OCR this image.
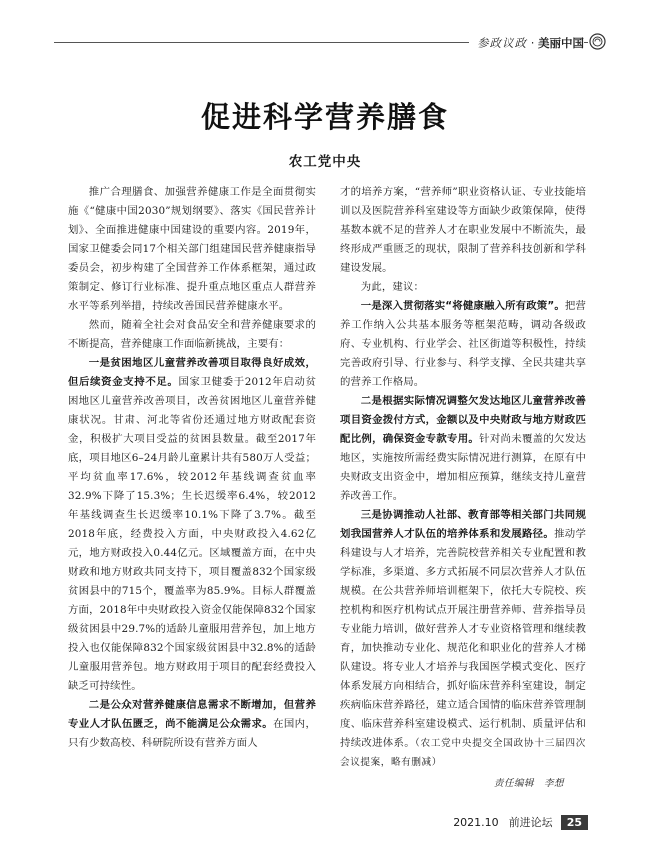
参政议政 · 美丽中国
促进科学营养膳食
农工党中央

推广合理膳食、加强营养健康工作是全面贯彻实施《“健康中国2030”规划纲要》、落实《国民营养计划》、全面推进健康中国建设的重要内容。2019年，国家卫健委会同17个相关部门组建国民营养健康指导委员会，初步构建了全国营养工作体系框架，通过政策制定、修订行业标准、提升重点地区重点人群营养水平等系列举措，持续改善国民营养健康水平。

然而，随着全社会对食品安全和营养健康要求的不断提高，营养健康工作面临新挑战，主要有：

一是贫困地区儿童营养改善项目取得良好成效，但后续资金支持不足。国家卫健委于2012年启动贫困地区儿童营养改善项目，改善贫困地区儿童营养健康状况。甘肃、河北等省份还通过地方财政配套资金，积极扩大项目受益的贫困县数量。截至2017年底，项目地区6–24月龄儿童累计共有580万人受益；平均贫血率17.6%，较2012年基线调查贫血率32.9%下降了15.3%；生长迟缓率6.4%，较2012年基线调查生长迟缓率10.1%下降了3.7%。截至2018年底，经费投入方面，中央财政投入4.62亿元，地方财政投入0.44亿元。区域覆盖方面，在中央财政和地方财政共同支持下，项目覆盖832个国家级贫困县中的715个，覆盖率为85.9%。目标人群覆盖方面，2018年中央财政投入资金仅能保障832个国家级贫困县中29.7%的适龄儿童服用营养包，加上地方投入也仅能保障832个国家级贫困县中32.8%的适龄儿童服用营养包。地方财政用于项目的配套经费投入缺乏可持续性。

二是公众对营养健康信息需求不断增加，但营养专业人才队伍匮乏，尚不能满足公众需求。在国内，只有少数高校、科研院所设有营养方面人

才的培养方案，“营养师”职业资格认证、专业技能培训以及医院营养科室建设等方面缺少政策保障，使得基数本就不足的营养人才在职业发展中不断流失，最终形成严重匮乏的现状，限制了营养科技创新和学科建设发展。

为此，建议：

一是深入贯彻落实“将健康融入所有政策”。把营养工作纳入公共基本服务等框架范畴，调动各级政府、专业机构、行业学会、社区街道等积极性，持续完善政府引导、行业参与、科学支撑、全民共建共享的营养工作格局。

二是根据实际情况调整欠发达地区儿童营养改善项目资金拨付方式，金额以及中央财政与地方财政匹配比例，确保资金专款专用。针对尚未覆盖的欠发达地区，实施按所需经费实际情况进行测算，在原有中央财政支出资金中，增加相应预算，继续支持儿童营养改善工作。

三是协调推动人社部、教育部等相关部门共同规划我国营养人才队伍的培养体系和发展路径。推动学科建设与人才培养，完善院校营养相关专业配置和教学标准，多渠道、多方式拓展不同层次营养人才队伍规模。在公共营养师培训框架下，依托大专院校、疾控机构和医疗机构试点开展注册营养师、营养指导员专业能力培训，做好营养人才专业资格管理和继续教育，加快推动专业化、规范化和职业化的营养人才梯队建设。将专业人才培养与我国医学模式变化、医疗体系发展方向相结合，抓好临床营养科室建设，制定疾病临床营养路径，建立适合国情的临床营养管理制度、临床营养科室建设模式、运行机制、质量评估和持续改进体系。（农工党中央提交全国政协十三届四次会议提案，略有删减）

责任编辑　李想
2021.10 前进论坛	25
